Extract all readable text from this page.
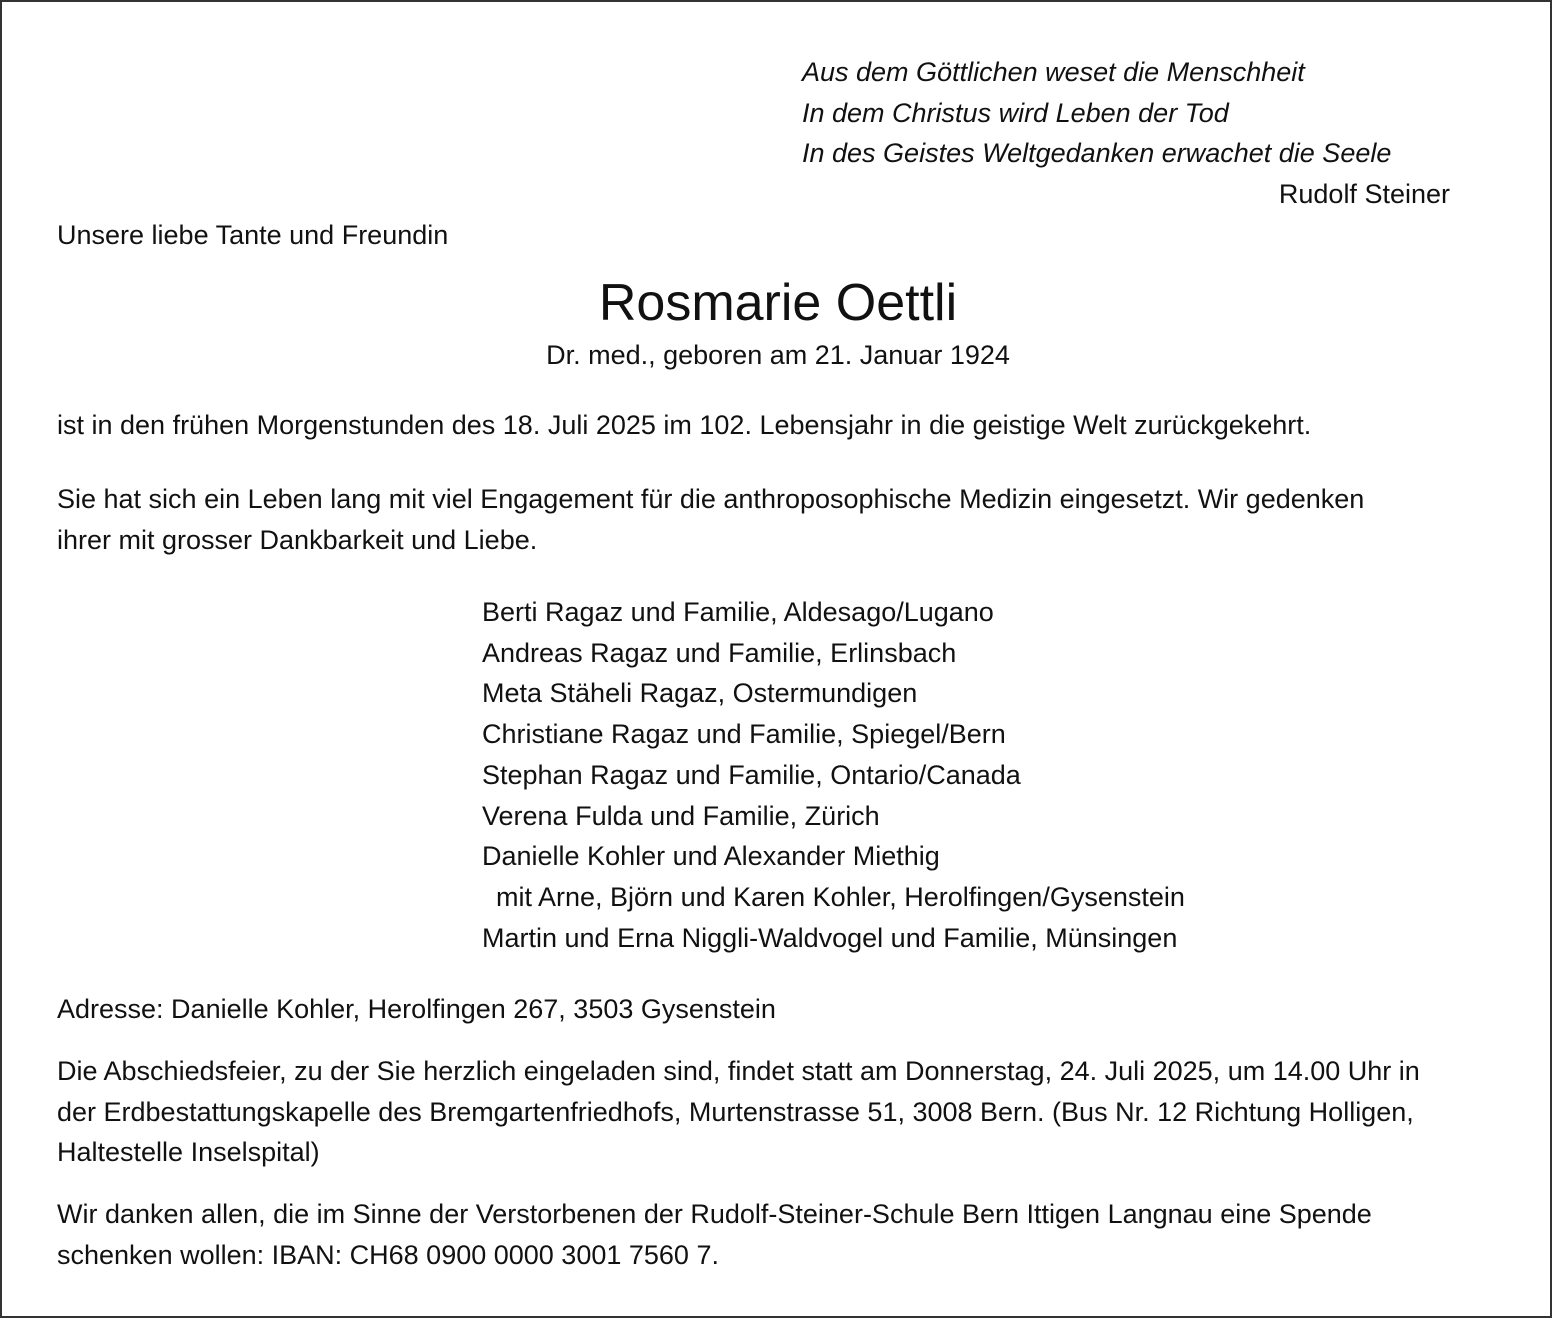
Aus dem Göttlichen weset die Menschheit
In dem Christus wird Leben der Tod
In des Geistes Weltgedanken erwachet die Seele
Rudolf Steiner
Unsere liebe Tante und Freundin
Rosmarie Oettli
Dr. med., geboren am 21. Januar 1924
ist in den frühen Morgenstunden des 18. Juli 2025 im 102. Lebensjahr in die geistige Welt zurückgekehrt.
Sie hat sich ein Leben lang mit viel Engagement für die anthroposophische Medizin eingesetzt. Wir gedenken
ihrer mit grosser Dankbarkeit und Liebe.
Berti Ragaz und Familie, Aldesago/Lugano
Andreas Ragaz und Familie, Erlinsbach
Meta Stäheli Ragaz, Ostermundigen
Christiane Ragaz und Familie, Spiegel/Bern
Stephan Ragaz und Familie, Ontario/Canada
Verena Fulda und Familie, Zürich
Danielle Kohler und Alexander Miethig
mit Arne, Björn und Karen Kohler, Herolfingen/Gysenstein
Martin und Erna Niggli-Waldvogel und Familie, Münsingen
Adresse: Danielle Kohler, Herolfingen 267, 3503 Gysenstein
Die Abschiedsfeier, zu der Sie herzlich eingeladen sind, findet statt am Donnerstag, 24. Juli 2025, um 14.00 Uhr in
der Erdbestattungskapelle des Bremgartenfriedhofs, Murtenstrasse 51, 3008 Bern. (Bus Nr. 12 Richtung Holligen,
Haltestelle Inselspital)
Wir danken allen, die im Sinne der Verstorbenen der Rudolf-Steiner-Schule Bern Ittigen Langnau eine Spende
schenken wollen: IBAN: CH68 0900 0000 3001 7560 7.
